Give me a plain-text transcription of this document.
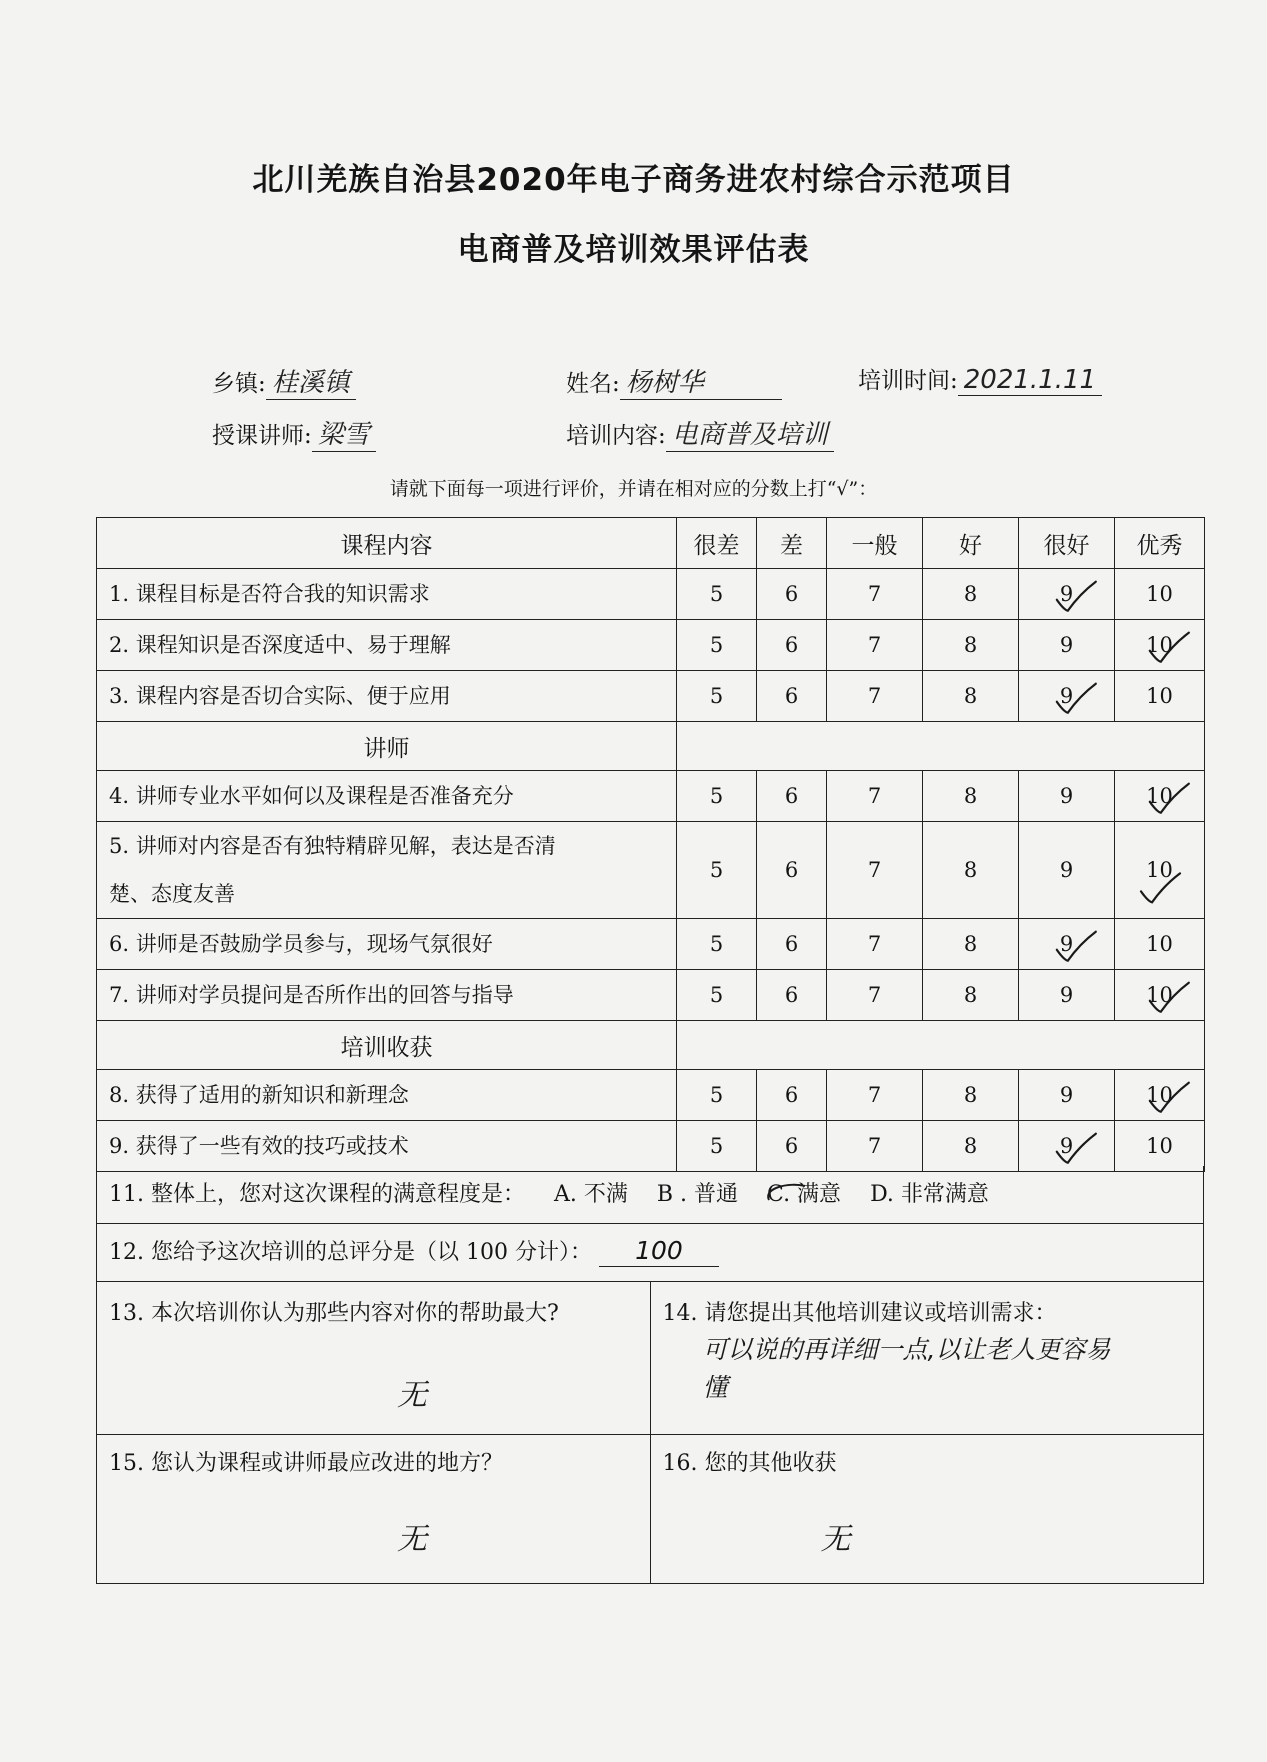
北川羌族自治县2020年电子商务进农村综合示范项目
电商普及培训效果评估表
乡镇: 桂溪镇	姓名: 杨树华	培训时间: 2021.1.11
授课讲师: 梁雪	培训内容: 电商普及培训
请就下面每一项进行评价，并请在相对应的分数上打“√”：
课程内容	很差	差	一般	好	很好	优秀
1. 课程目标是否符合我的知识需求	5	6	7	8	9	10
2. 课程知识是否深度适中、易于理解	5	6	7	8	9	10

3. 课程内容是否切合实际、便于应用	5	6	7	8	9	10
讲师						
4. 讲师专业水平如何以及课程是否准备充分	5	6	7	8	9	10

5. 讲师对内容是否有独特精辟见解，表达是否清
楚、态度友善	5	6	7	8	9	10

6. 讲师是否鼓励学员参与，现场气氛很好	5	6	7	8	9	10
7. 讲师对学员提问是否所作出的回答与指导	5	6	7	8	9	10

培训收获						
8. 获得了适用的新知识和新理念	5	6	7	8	9	10

9. 获得了一些有效的技巧或技术	5	6	7	8	9	10
11. 整体上，您对这次课程的满意程度是： A. 不满 B . 普通 C. 满意 D. 非常满意
12. 您给予这次培训的总评分是（以 100 分计）： 100
13. 本次培训你认为那些内容对你的帮助最大?
无
15. 您认为课程或讲师最应改进的地方？
无
14. 请您提出其他培训建议或培训需求：
可以说的再详细一点,以让老人更容易
懂
16. 您的其他收获
无
